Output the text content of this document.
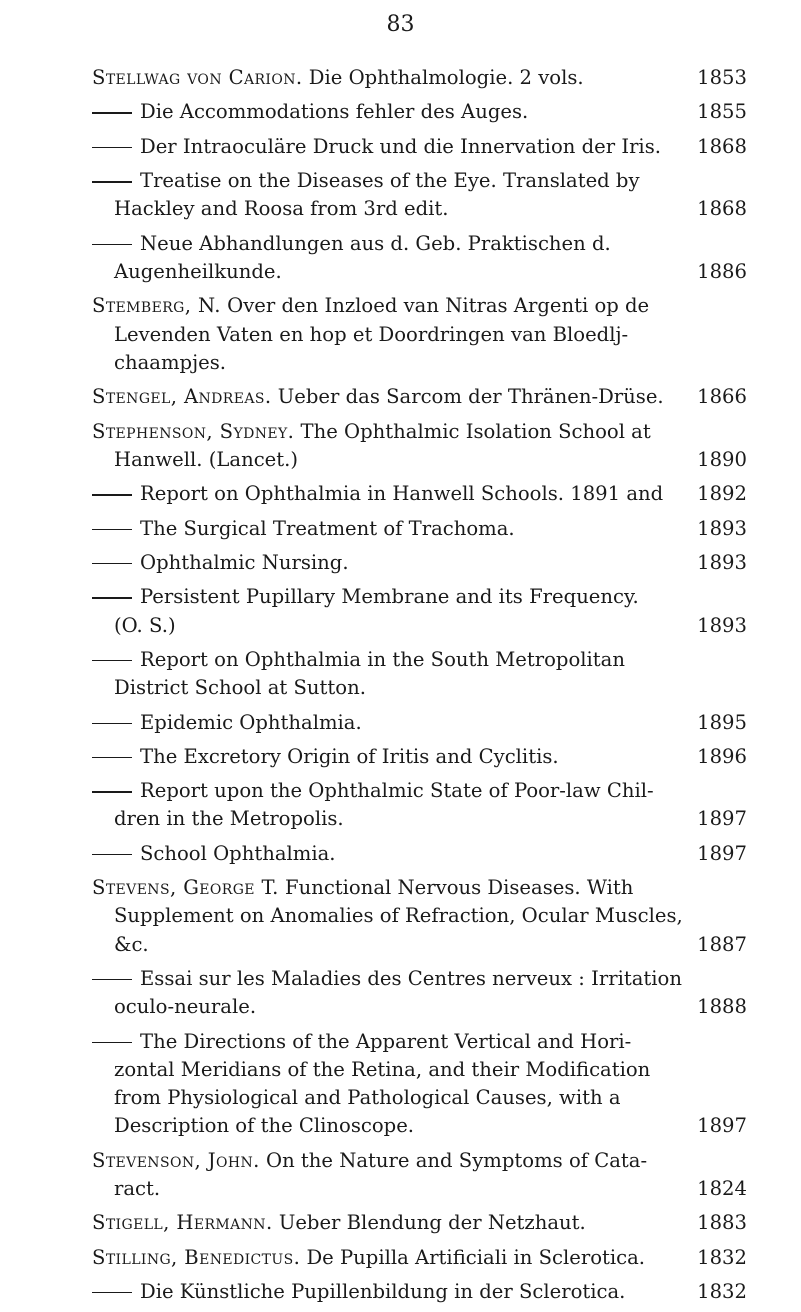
83
Stellwag von Carion. Die Ophthalmologie. 2 vols.	1853
Die Accommodations fehler des Auges.	1855
Der Intraoculäre Druck und die Innervation der Iris.	1868
Treatise on the Diseases of the Eye. Translated by
Hackley and Roosa from 3rd edit.	1868
Neue Abhandlungen aus d. Geb. Praktischen d.
Augenheilkunde.	1886
Stemberg, N. Over den Inzloed van Nitras Argenti op de
Levenden Vaten en hop et Doordringen van Bloedlj-
chaampjes.
Stengel, Andreas. Ueber das Sarcom der Thränen-Drüse.	1866
Stephenson, Sydney. The Ophthalmic Isolation School at
Hanwell. (Lancet.)	1890
Report on Ophthalmia in Hanwell Schools. 1891 and	1892
The Surgical Treatment of Trachoma.	1893
Ophthalmic Nursing.	1893
Persistent Pupillary Membrane and its Frequency.
(O. S.)	1893
Report on Ophthalmia in the South Metropolitan
District School at Sutton.
Epidemic Ophthalmia.	1895
The Excretory Origin of Iritis and Cyclitis.	1896
Report upon the Ophthalmic State of Poor-law Chil-
dren in the Metropolis.	1897
School Ophthalmia.	1897
Stevens, George T. Functional Nervous Diseases. With
Supplement on Anomalies of Refraction, Ocular Muscles,
&c.	1887
Essai sur les Maladies des Centres nerveux : Irritation
oculo-neurale.	1888
The Directions of the Apparent Vertical and Hori-
zontal Meridians of the Retina, and their Modification
from Physiological and Pathological Causes, with a
Description of the Clinoscope.	1897
Stevenson, John. On the Nature and Symptoms of Cata-
ract.	1824
Stigell, Hermann. Ueber Blendung der Netzhaut.	1883
Stilling, Benedictus. De Pupilla Artificiali in Sclerotica.	1832
Die Künstliche Pupillenbildung in der Sclerotica.	1832
